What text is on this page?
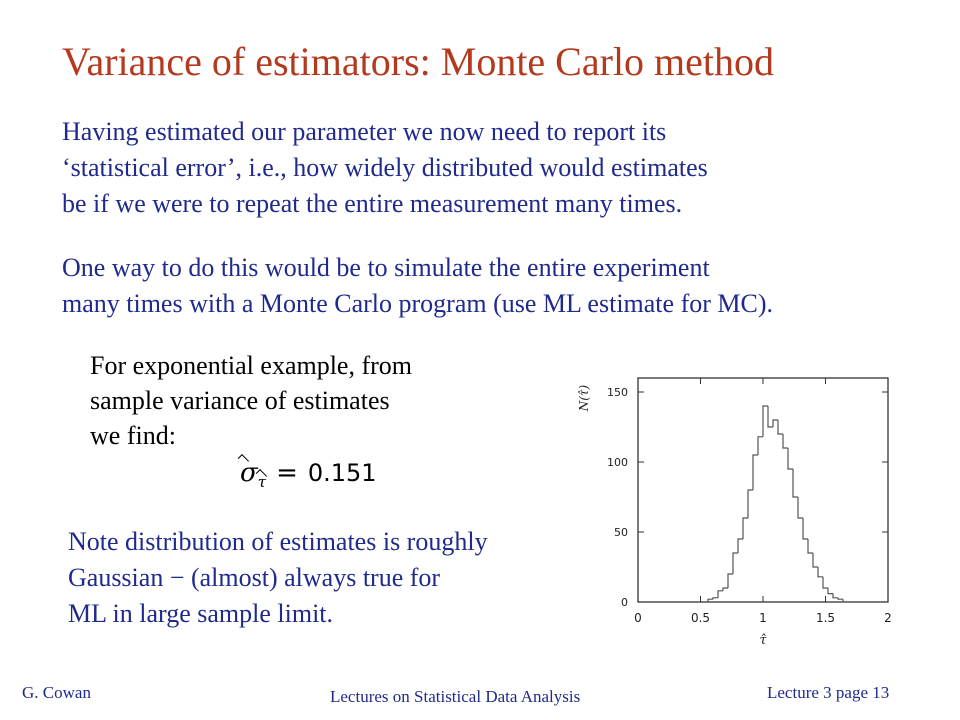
Variance of estimators: Monte Carlo method
Having estimated our parameter we now need to report its
‘statistical error’, i.e., how widely distributed would estimates
be if we were to repeat the entire measurement many times.
One way to do this would be to simulate the entire experiment
many times with a Monte Carlo program (use ML estimate for MC).
For exponential example, from
sample variance of estimates
we find:
$\sigma_\tau = 0.151$
Note distribution of estimates is roughly
Gaussian − (almost) always true for
ML in large sample limit.	0	0.5	1	1.5	2
0
50
100
150
N(τ̂)
τ̂
G. Cowan	Lectures on Statistical Data Analysis	Lecture 3 page 13
